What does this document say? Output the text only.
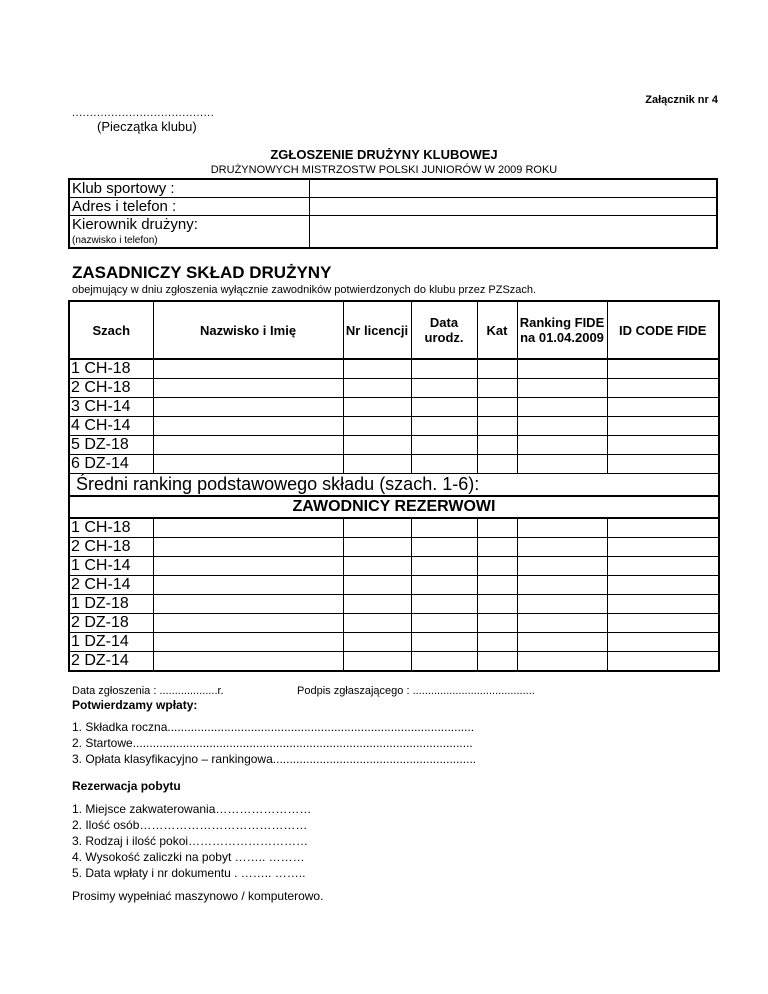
Załącznik nr 4
........................................
(Pieczątka klubu)
ZGŁOSZENIE DRUŻYNY KLUBOWEJ
DRUŻYNOWYCH MISTRZOSTW POLSKI JUNIORÓW W 2009 ROKU
Klub sportowy :	
Adres i telefon :	
Kierownik drużyny:	
(nazwisko i telefon)	
ZASADNICZY SKŁAD DRUŻYNY
obejmujący w dniu zgłoszenia wyłącznie zawodników potwierdzonych do klubu przez PZSzach.
Szach	Nazwisko i Imię	Nr licencji	Data urodz.	Kat	Ranking FIDE na 01.04.2009	ID CODE FIDE
1 CH-18						
2 CH-18						
3 CH-14						
4 CH-14						
5 DZ-18						
6 DZ-14						
Średni ranking podstawowego składu (szach. 1-6):						
ZAWODNICY REZERWOWI						
1 CH-18						
2 CH-18						
1 CH-14						
2 CH-14						
1 DZ-18						
2 DZ-18						
1 DZ-14						
2 DZ-14						
Data zgłoszenia : ...................r.	Podpis zgłaszającego : ........................................
Potwierdzamy wpłaty:
1. Składka roczna............................................................................................
2. Startowe......................................................................................................
3. Opłata klasyfikacyjno – rankingowa.............................................................
Rezerwacja pobytu
1. Miejsce zakwaterowania……………………
2. Ilość osób……………………………………
3. Rodzaj i ilość pokoi…………………………
4. Wysokość zaliczki na pobyt …….. ………
5. Data wpłaty i nr dokumentu . …….. ……..
Prosimy wypełniać maszynowo / komputerowo.
